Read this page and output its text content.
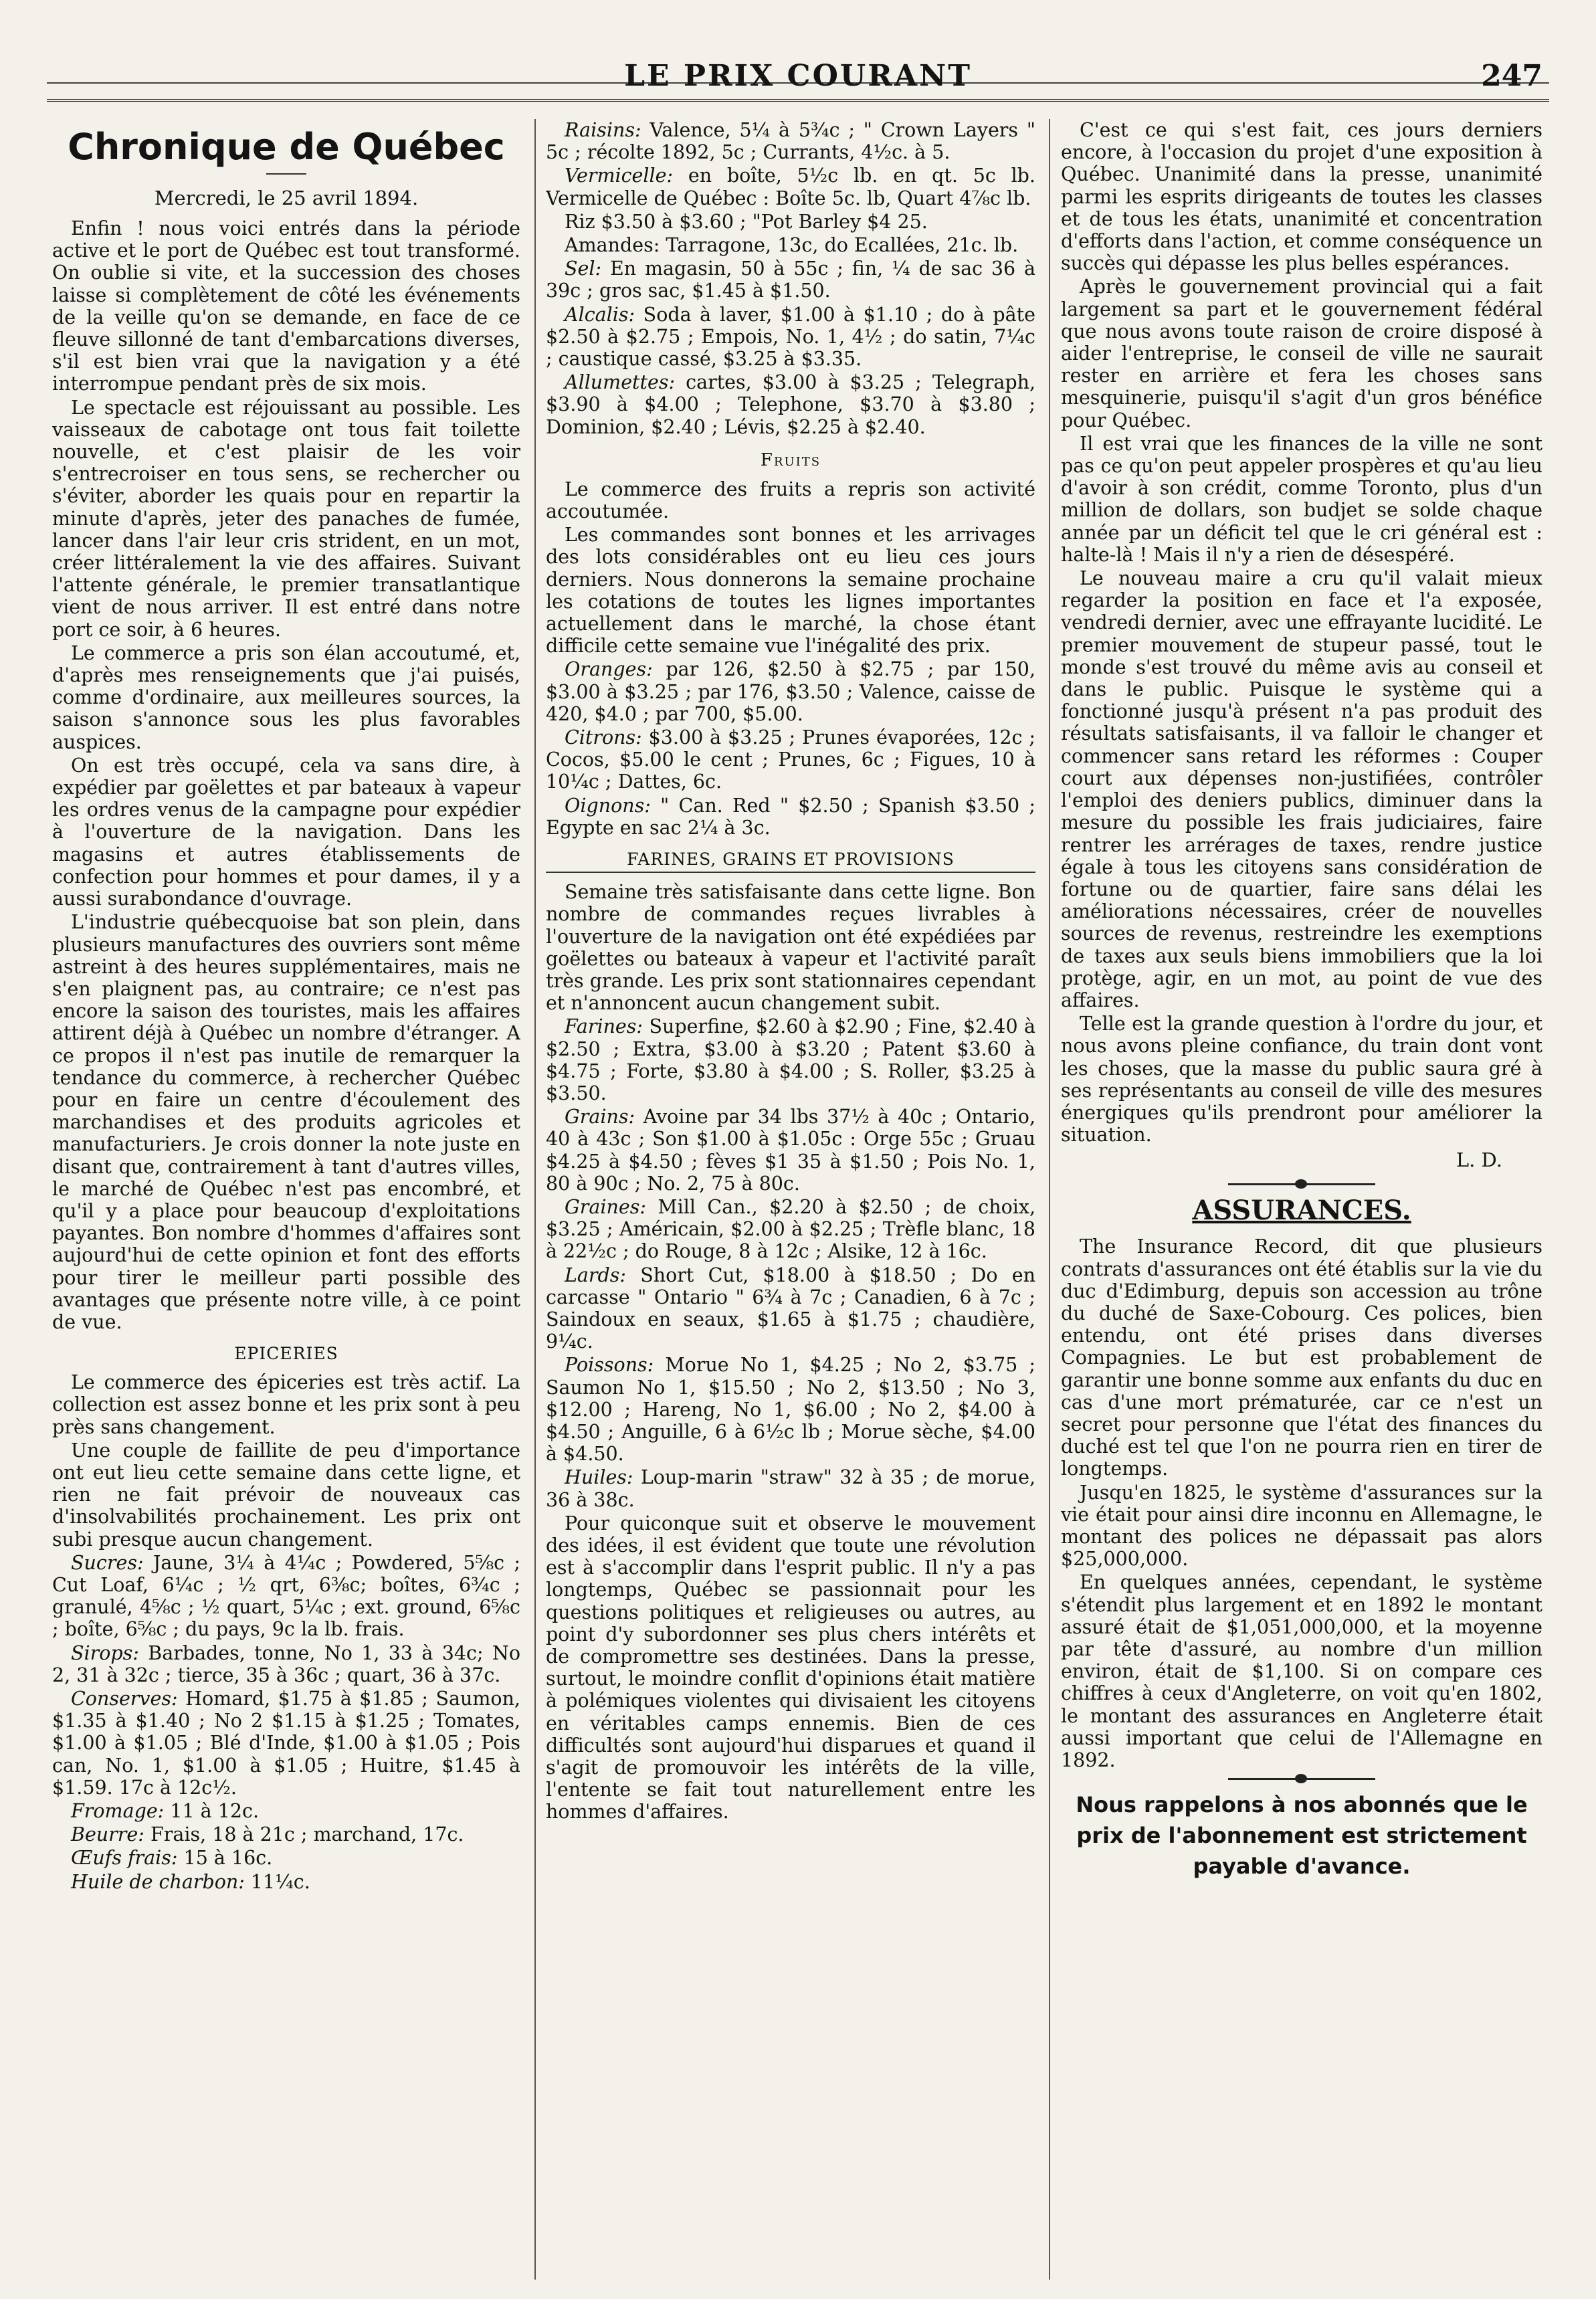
LE PRIX COURANT	247
Chronique de Québec
Mercredi, le 25 avril 1894.

Enfin ! nous voici entrés dans la période active et le port de Québec est tout transformé. On oublie si vite, et la succession des choses laisse si complètement de côté les événements de la veille qu'on se demande, en face de ce fleuve sillonné de tant d'embarcations diverses, s'il est bien vrai que la navigation y a été interrompue pendant près de six mois.

Le spectacle est réjouissant au possible. Les vaisseaux de cabotage ont tous fait toilette nouvelle, et c'est plaisir de les voir s'entrecroiser en tous sens, se rechercher ou s'éviter, aborder les quais pour en repartir la minute d'après, jeter des panaches de fumée, lancer dans l'air leur cris strident, en un mot, créer littéralement la vie des affaires. Suivant l'attente générale, le premier transatlantique vient de nous arriver. Il est entré dans notre port ce soir, à 6 heures.

Le commerce a pris son élan accoutumé, et, d'après mes renseignements que j'ai puisés, comme d'ordinaire, aux meilleures sources, la saison s'annonce sous les plus favorables auspices.

On est très occupé, cela va sans dire, à expédier par goëlettes et par bateaux à vapeur les ordres venus de la campagne pour expédier à l'ouverture de la navigation. Dans les magasins et autres établissements de confection pour hommes et pour dames, il y a aussi surabondance d'ouvrage.

L'industrie québecquoise bat son plein, dans plusieurs manufactures des ouvriers sont même astreint à des heures supplémentaires, mais ne s'en plaignent pas, au contraire; ce n'est pas encore la saison des touristes, mais les affaires attirent déjà à Québec un nombre d'étranger. A ce propos il n'est pas inutile de remarquer la tendance du commerce, à rechercher Québec pour en faire un centre d'écoulement des marchandises et des produits agricoles et manufacturiers. Je crois donner la note juste en disant que, contrairement à tant d'autres villes, le marché de Québec n'est pas encombré, et qu'il y a place pour beaucoup d'exploitations payantes. Bon nombre d'hommes d'affaires sont aujourd'hui de cette opinion et font des efforts pour tirer le meilleur parti possible des avantages que présente notre ville, à ce point de vue.

EPICERIES

Le commerce des épiceries est très actif. La collection est assez bonne et les prix sont à peu près sans changement.

Une couple de faillite de peu d'importance ont eut lieu cette semaine dans cette ligne, et rien ne fait prévoir de nouveaux cas d'insolvabilités prochainement. Les prix ont subi presque aucun changement.

Sucres: Jaune, 3¼ à 4¼c ; Powdered, 5⅝c ; Cut Loaf, 6¼c ; ½ qrt, 6⅜c; boîtes, 6¾c ; granulé, 4⅝c ; ½ quart, 5¼c ; ext. ground, 6⅝c ; boîte, 6⅝c ; du pays, 9c la lb. frais.

Sirops: Barbades, tonne, No 1, 33 à 34c; No 2, 31 à 32c ; tierce, 35 à 36c ; quart, 36 à 37c.

Conserves: Homard, $1.75 à $1.85 ; Saumon, $1.35 à $1.40 ; No 2 $1.15 à $1.25 ; Tomates, $1.00 à $1.05 ; Blé d'Inde, $1.00 à $1.05 ; Pois can, No. 1, $1.00 à $1.05 ; Huitre, $1.45 à $1.59. 17c à 12c½.

Fromage: 11 à 12c.

Beurre: Frais, 18 à 21c ; marchand, 17c.

Œufs frais: 15 à 16c.

Huile de charbon: 11¼c.

Raisins: Valence, 5¼ à 5¾c ; " Crown Layers " 5c ; récolte 1892, 5c ; Currants, 4½c. à 5.

Vermicelle: en boîte, 5½c lb. en qt. 5c lb. Vermicelle de Québec : Boîte 5c. lb, Quart 4⅞c lb.

Riz $3.50 à $3.60 ; "Pot Barley $4 25.

Amandes: Tarragone, 13c, do Ecallées, 21c. lb.

Sel: En magasin, 50 à 55c ; fin, ¼ de sac 36 à 39c ; gros sac, $1.45 à $1.50.

Alcalis: Soda à laver, $1.00 à $1.10 ; do à pâte $2.50 à $2.75 ; Empois, No. 1, 4½ ; do satin, 7¼c ; caustique cassé, $3.25 à $3.35.

Allumettes: cartes, $3.00 à $3.25 ; Telegraph, $3.90 à $4.00 ; Telephone, $3.70 à $3.80 ; Dominion, $2.40 ; Lévis, $2.25 à $2.40.

Fruits

Le commerce des fruits a repris son activité accoutumée.

Les commandes sont bonnes et les arrivages des lots considérables ont eu lieu ces jours derniers. Nous donnerons la semaine prochaine les cotations de toutes les lignes importantes actuellement dans le marché, la chose étant difficile cette semaine vue l'inégalité des prix.

Oranges: par 126, $2.50 à $2.75 ; par 150, $3.00 à $3.25 ; par 176, $3.50 ; Valence, caisse de 420, $4.0 ; par 700, $5.00.

Citrons: $3.00 à $3.25 ; Prunes évaporées, 12c ; Cocos, $5.00 le cent ; Prunes, 6c ; Figues, 10 à 10¼c ; Dattes, 6c.

Oignons: " Can. Red " $2.50 ; Spanish $3.50 ; Egypte en sac 2¼ à 3c.

FARINES, GRAINS ET PROVISIONS

Semaine très satisfaisante dans cette ligne. Bon nombre de commandes reçues livrables à l'ouverture de la navigation ont été expédiées par goëlettes ou bateaux à vapeur et l'activité paraît très grande. Les prix sont stationnaires cependant et n'annoncent aucun changement subit.

Farines: Superfine, $2.60 à $2.90 ; Fine, $2.40 à $2.50 ; Extra, $3.00 à $3.20 ; Patent $3.60 à $4.75 ; Forte, $3.80 à $4.00 ; S. Roller, $3.25 à $3.50.

Grains: Avoine par 34 lbs 37½ à 40c ; Ontario, 40 à 43c ; Son $1.00 à $1.05c : Orge 55c ; Gruau $4.25 à $4.50 ; fèves $1 35 à $1.50 ; Pois No. 1, 80 à 90c ; No. 2, 75 à 80c.

Graines: Mill Can., $2.20 à $2.50 ; de choix, $3.25 ; Américain, $2.00 à $2.25 ; Trèfle blanc, 18 à 22½c ; do Rouge, 8 à 12c ; Alsike, 12 à 16c.

Lards: Short Cut, $18.00 à $18.50 ; Do en carcasse " Ontario " 6¾ à 7c ; Canadien, 6 à 7c ; Saindoux en seaux, $1.65 à $1.75 ; chaudière, 9¼c.

Poissons: Morue No 1, $4.25 ; No 2, $3.75 ; Saumon No 1, $15.50 ; No 2, $13.50 ; No 3, $12.00 ; Hareng, No 1, $6.00 ; No 2, $4.00 à $4.50 ; Anguille, 6 à 6½c lb ; Morue sèche, $4.00 à $4.50.

Huiles: Loup-marin "straw" 32 à 35 ; de morue, 36 à 38c.

Pour quiconque suit et observe le mouvement des idées, il est évident que toute une révolution est à s'accomplir dans l'esprit public. Il n'y a pas longtemps, Québec se passionnait pour les questions politiques et religieuses ou autres, au point d'y subordonner ses plus chers intérêts et de compromettre ses destinées. Dans la presse, surtout, le moindre conflit d'opinions était matière à polémiques violentes qui divisaient les citoyens en véritables camps ennemis. Bien de ces difficultés sont aujourd'hui disparues et quand il s'agit de promouvoir les intérêts de la ville, l'entente se fait tout naturellement entre les hommes d'affaires.

C'est ce qui s'est fait, ces jours derniers encore, à l'occasion du projet d'une exposition à Québec. Unanimité dans la presse, unanimité parmi les esprits dirigeants de toutes les classes et de tous les états, unanimité et concentration d'efforts dans l'action, et comme conséquence un succès qui dépasse les plus belles espérances.

Après le gouvernement provincial qui a fait largement sa part et le gouvernement fédéral que nous avons toute raison de croire disposé à aider l'entreprise, le conseil de ville ne saurait rester en arrière et fera les choses sans mesquinerie, puisqu'il s'agit d'un gros bénéfice pour Québec.

Il est vrai que les finances de la ville ne sont pas ce qu'on peut appeler prospères et qu'au lieu d'avoir à son crédit, comme Toronto, plus d'un million de dollars, son budjet se solde chaque année par un déficit tel que le cri général est : halte-là ! Mais il n'y a rien de désespéré.

Le nouveau maire a cru qu'il valait mieux regarder la position en face et l'a exposée, vendredi dernier, avec une effrayante lucidité. Le premier mouvement de stupeur passé, tout le monde s'est trouvé du même avis au conseil et dans le public. Puisque le système qui a fonctionné jusqu'à présent n'a pas produit des résultats satisfaisants, il va falloir le changer et commencer sans retard les réformes : Couper court aux dépenses non-justifiées, contrôler l'emploi des deniers publics, diminuer dans la mesure du possible les frais judiciaires, faire rentrer les arrérages de taxes, rendre justice égale à tous les citoyens sans considération de fortune ou de quartier, faire sans délai les améliorations nécessaires, créer de nouvelles sources de revenus, restreindre les exemptions de taxes aux seuls biens immobiliers que la loi protège, agir, en un mot, au point de vue des affaires.

Telle est la grande question à l'ordre du jour, et nous avons pleine confiance, du train dont vont les choses, que la masse du public saura gré à ses représentants au conseil de ville des mesures énergiques qu'ils prendront pour améliorer la situation.

L. D.
ASSURANCES.

The Insurance Record, dit que plusieurs contrats d'assurances ont été établis sur la vie du duc d'Edimburg, depuis son accession au trône du duché de Saxe-Cobourg. Ces polices, bien entendu, ont été prises dans diverses Compagnies. Le but est probablement de garantir une bonne somme aux enfants du duc en cas d'une mort prématurée, car ce n'est un secret pour personne que l'état des finances du duché est tel que l'on ne pourra rien en tirer de longtemps.

Jusqu'en 1825, le système d'assurances sur la vie était pour ainsi dire inconnu en Allemagne, le montant des polices ne dépassait pas alors $25,000,000.

En quelques années, cependant, le système s'étendit plus largement et en 1892 le montant assuré était de $1,051,000,000, et la moyenne par tête d'assuré, au nombre d'un million environ, était de $1,100. Si on compare ces chiffres à ceux d'Angleterre, on voit qu'en 1802, le montant des assurances en Angleterre était aussi important que celui de l'Allemagne en 1892.

Nous rappelons à nos abonnés que le prix de l'abonnement est strictement payable d'avance.
